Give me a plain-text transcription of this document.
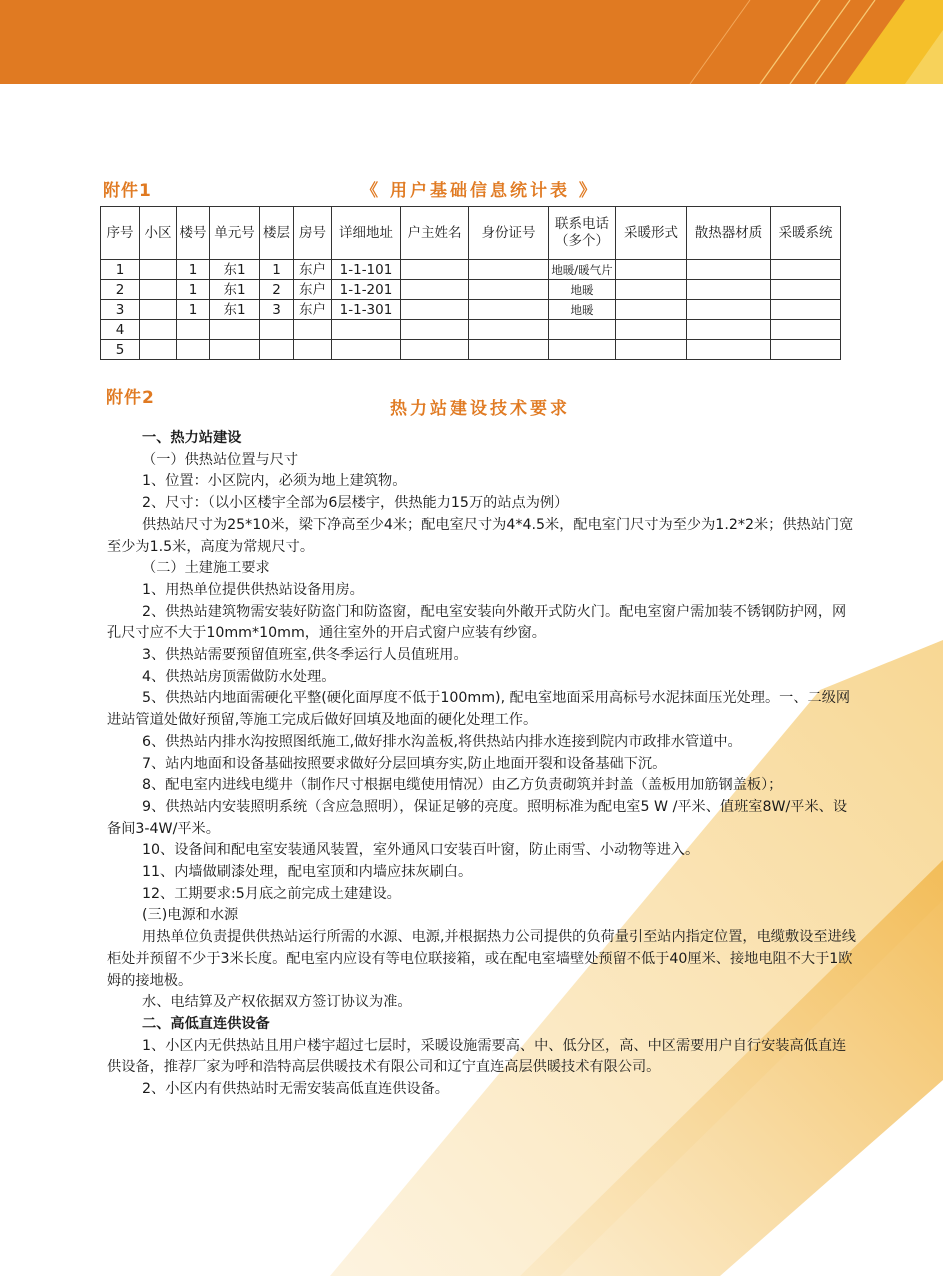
附件1	《 用户基础信息统计表 》
序号	小区	楼号	单元号	楼层	房号	详细地址	户主姓名	身份证号	联系电话（多个）	采暖形式	散热器材质	采暖系统
1		1	东1	1	东户	1-1-101			地暖/暖气片			
2		1	东1	2	东户	1-1-201			地暖			
3		1	东1	3	东户	1-1-301			地暖			
4												
5												
附件2
热力站建设技术要求

一、热力站建设

（一）供热站位置与尺寸

1、位置：小区院内，必须为地上建筑物。

2、尺寸：（以小区楼宇全部为6层楼宇，供热能力15万的站点为例）

供热站尺寸为25*10米，梁下净高至少4米；配电室尺寸为4*4.5米，配电室门尺寸为至少为1.2*2米；供热站门宽至少为1.5米，高度为常规尺寸。

（二）土建施工要求

1、用热单位提供供热站设备用房。

2、供热站建筑物需安装好防盗门和防盗窗，配电室安装向外敞开式防火门。配电室窗户需加装不锈钢防护网，网孔尺寸应不大于10mm*10mm，通往室外的开启式窗户应装有纱窗。

3、供热站需要预留值班室,供冬季运行人员值班用。

4、供热站房顶需做防水处理。

5、供热站内地面需硬化平整(硬化面厚度不低于100mm), 配电室地面采用高标号水泥抹面压光处理。一、二级网进站管道处做好预留,等施工完成后做好回填及地面的硬化处理工作。

6、供热站内排水沟按照图纸施工,做好排水沟盖板,将供热站内排水连接到院内市政排水管道中。

7、站内地面和设备基础按照要求做好分层回填夯实,防止地面开裂和设备基础下沉。

8、配电室内进线电缆井（制作尺寸根据电缆使用情况）由乙方负责砌筑并封盖（盖板用加筋钢盖板）；

9、供热站内安装照明系统（含应急照明），保证足够的亮度。照明标准为配电室5 W /平米、值班室8W/平米、设备间3-4W/平米。

10、设备间和配电室安装通风装置，室外通风口安装百叶窗，防止雨雪、小动物等进入。

11、内墙做刷漆处理，配电室顶和内墙应抹灰刷白。

12、工期要求:5月底之前完成土建建设。

(三)电源和水源

用热单位负责提供供热站运行所需的水源、电源,并根据热力公司提供的负荷量引至站内指定位置，电缆敷设至进线柜处并预留不少于3米长度。配电室内应设有等电位联接箱，或在配电室墙壁处预留不低于40厘米、接地电阻不大于1欧姆的接地极。

水、电结算及产权依据双方签订协议为准。

二、高低直连供设备

1、小区内无供热站且用户楼宇超过七层时，采暖设施需要高、中、低分区，高、中区需要用户自行安装高低直连供设备，推荐厂家为呼和浩特高层供暖技术有限公司和辽宁直连高层供暖技术有限公司。

2、小区内有供热站时无需安装高低直连供设备。
